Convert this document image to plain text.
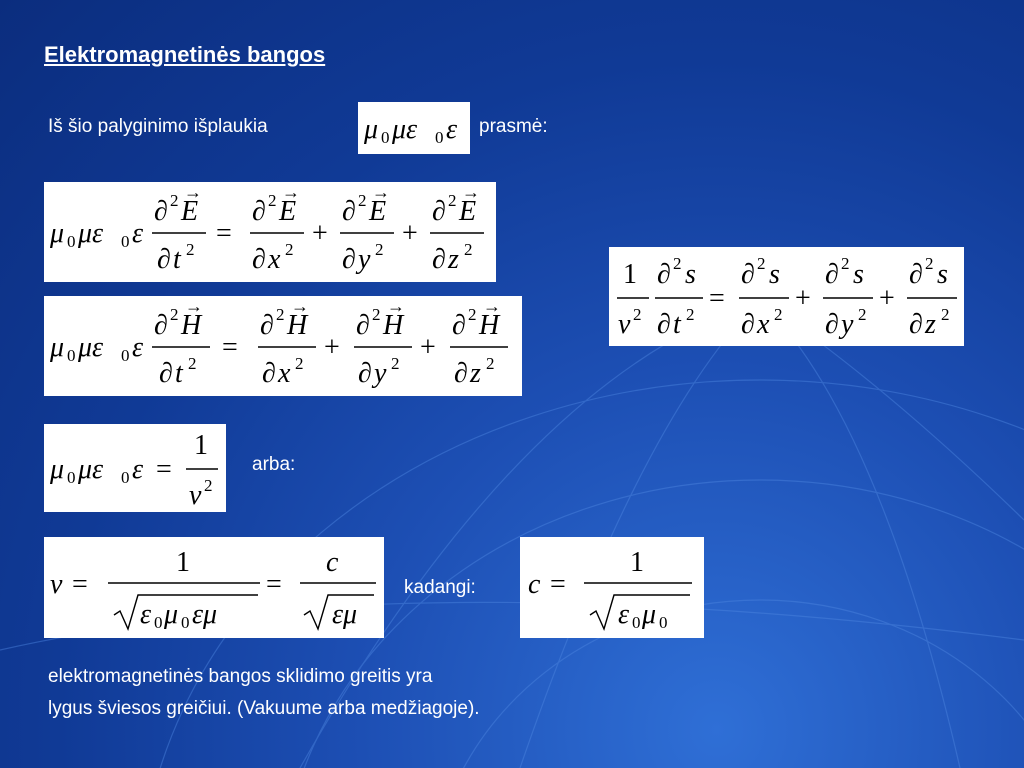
Elektromagnetinės bangos
Iš šio palyginimo išplaukia	prasmė:
μ 0 με 0 ε
μ 0 με 0 ε
∂ 2 E
→
∂ t 2
=
∂ 2 E
→
∂ x 2
+
∂ 2 E
→
∂ y 2
+
∂ 2 E
→
∂ z 2
μ 0 με 0 ε
∂ 2 H
→
∂ t 2
=
∂ 2 H
→
∂ x 2
+
∂ 2 H
→
∂ y 2
+
∂ 2 H
→
∂ z 2
1
v 2
∂ 2 s
∂ t 2
=
∂ 2 s
∂ x 2
+
∂ 2 s
∂ y 2
+
∂ 2 s
∂ z 2
μ 0 με 0 ε =
1
v 2
arba:
v =
1
ε 0 μ 0 εμ
=
c
εμ
kadangi: c =
1
ε 0 μ 0
elektromagnetinės bangos sklidimo greitis yra
lygus šviesos greičiui. (Vakuume arba medžiagoje).
